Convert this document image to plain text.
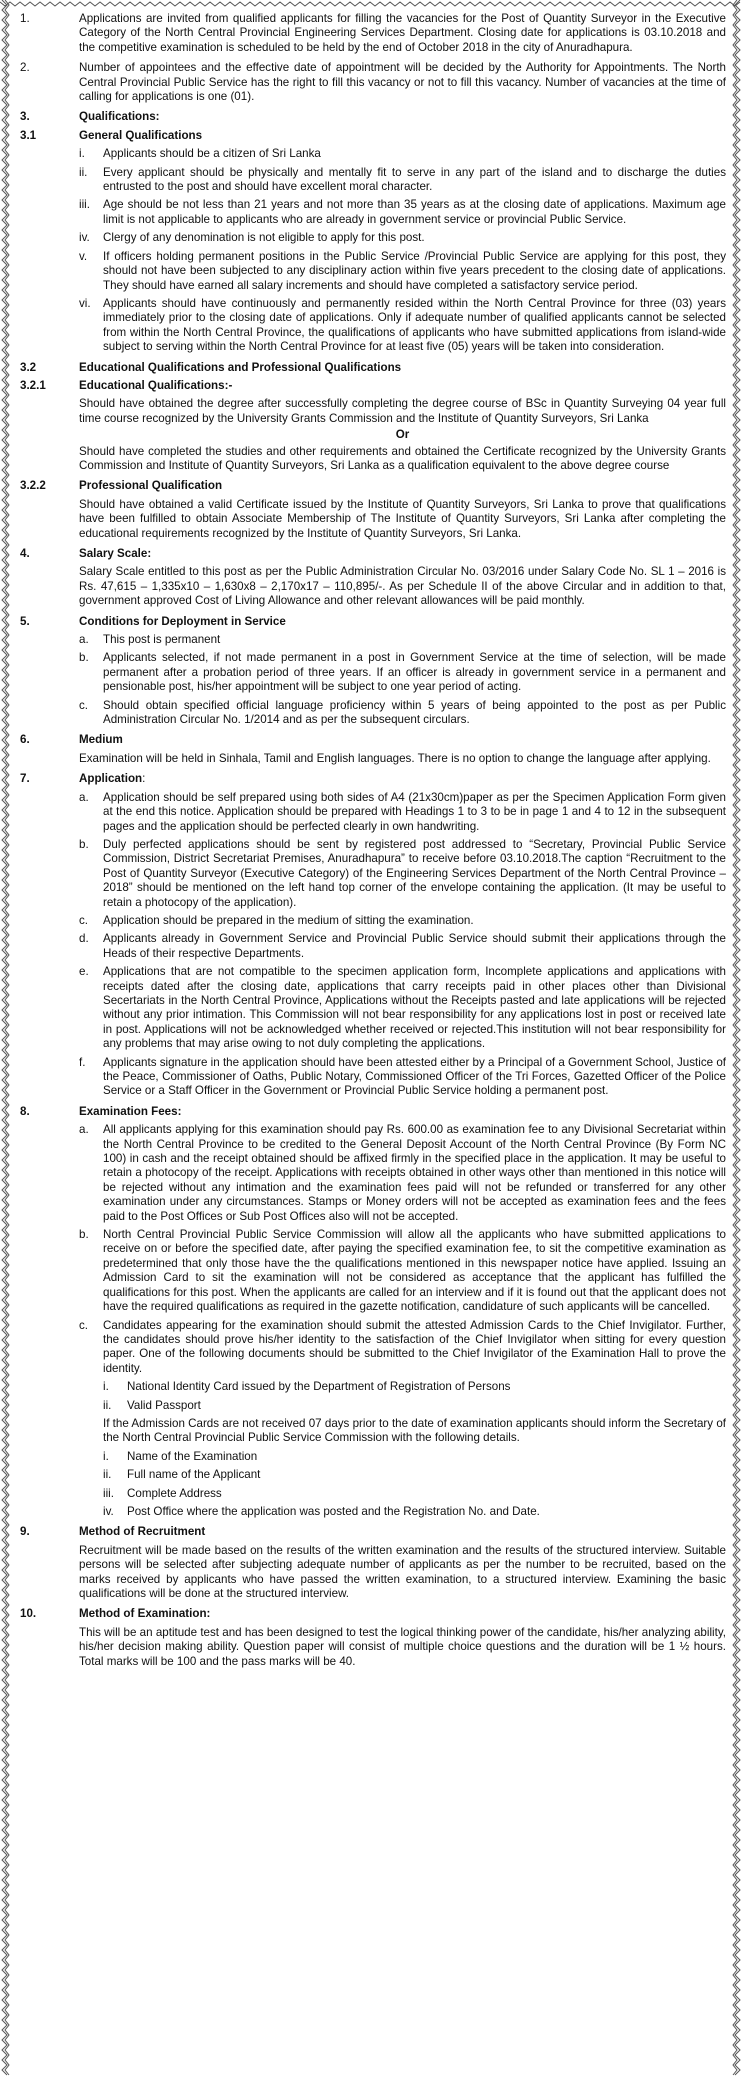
1.	Applications are invited from qualified applicants for filling the vacancies for the Post of Quantity Surveyor in the Executive Category of the North Central Provincial Engineering Services Department. Closing date for applications is 03.10.2018 and the competitive examination is scheduled to be held by the end of October 2018 in the city of Anuradhapura.
2.	Number of appointees and the effective date of appointment will be decided by the Authority for Appointments. The North Central Provincial Public Service has the right to fill this vacancy or not to fill this vacancy. Number of vacancies at the time of calling for applications is one (01).
3.	Qualifications:
3.1	General Qualifications
i.	Applicants should be a citizen of Sri Lanka
ii.	Every applicant should be physically and mentally fit to serve in any part of the island and to discharge the duties entrusted to the post and should have excellent moral character.
iii.	Age should be not less than 21 years and not more than 35 years as at the closing date of applications. Maximum age limit is not applicable to applicants who are already in government service or provincial Public Service.
iv.	Clergy of any denomination is not eligible to apply for this post.
v.	If officers holding permanent positions in the Public Service /Provincial Public Service are applying for this post, they should not have been subjected to any disciplinary action within five years precedent to the closing date of applications. They should have earned all salary increments and should have completed a satisfactory service period.
vi.	Applicants should have continuously and permanently resided within the North Central Province for three (03) years immediately prior to the closing date of applications. Only if adequate number of qualified applicants cannot be selected from within the North Central Province, the qualifications of applicants who have submitted applications from island-wide subject to serving within the North Central Province for at least five (05) years will be taken into consideration.
3.2	Educational Qualifications and Professional Qualifications
3.2.1	Educational Qualifications:-
Should have obtained the degree after successfully completing the degree course of BSc in Quantity Surveying 04 year full time course recognized by the University Grants Commission and the Institute of Quantity Surveyors, Sri Lanka
Or
Should have completed the studies and other requirements and obtained the Certificate recognized by the University Grants Commission and Institute of Quantity Surveyors, Sri Lanka as a qualification equivalent to the above degree course
3.2.2	Professional Qualification
Should have obtained a valid Certificate issued by the Institute of Quantity Surveyors, Sri Lanka to prove that qualifications have been fulfilled to obtain Associate Membership of The Institute of Quantity Surveyors, Sri Lanka after completing the educational requirements recognized by the Institute of Quantity Surveyors, Sri Lanka.
4.	Salary Scale:
Salary Scale entitled to this post as per the Public Administration Circular No. 03/2016 under Salary Code No. SL 1 – 2016 is Rs. 47,615 – 1,335x10 – 1,630x8 – 2,170x17 – 110,895/-. As per Schedule II of the above Circular and in addition to that, government approved Cost of Living Allowance and other relevant allowances will be paid monthly.
5.	Conditions for Deployment in Service
a.	This post is permanent
b.	Applicants selected, if not made permanent in a post in Government Service at the time of selection, will be made permanent after a probation period of three years. If an officer is already in government service in a permanent and pensionable post, his/her appointment will be subject to one year period of acting.
c.	Should obtain specified official language proficiency within 5 years of being appointed to the post as per Public Administration Circular No. 1/2014 and as per the subsequent circulars.
6.	Medium
Examination will be held in Sinhala, Tamil and English languages. There is no option to change the language after applying.
7.	Application:
a.	Application should be self prepared using both sides of A4 (21x30cm)paper as per the Specimen Application Form given at the end this notice. Application should be prepared with Headings 1 to 3 to be in page 1 and 4 to 12 in the subsequent pages and the application should be perfected clearly in own handwriting.
b.	Duly perfected applications should be sent by registered post addressed to “Secretary, Provincial Public Service Commission, District Secretariat Premises, Anuradhapura” to receive before 03.10.2018.The caption “Recruitment to the Post of Quantity Surveyor (Executive Category) of the Engineering Services Department of the North Central Province – 2018” should be mentioned on the left hand top corner of the envelope containing the application. (It may be useful to retain a photocopy of the application).
c.	Application should be prepared in the medium of sitting the examination.
d.	Applicants already in Government Service and Provincial Public Service should submit their applications through the Heads of their respective Departments.
e.	Applications that are not compatible to the specimen application form, Incomplete applications and applications with receipts dated after the closing date, applications that carry receipts paid in other places other than Divisional Secertariats in the North Central Province, Applications without the Receipts pasted and late applications will be rejected without any prior intimation. This Commission will not bear responsibility for any applications lost in post or received late in post. Applications will not be acknowledged whether received or rejected.This institution will not bear responsibility for any problems that may arise owing to not duly completing the applications.
f.	Applicants signature in the application should have been attested either by a Principal of a Government School, Justice of the Peace, Commissioner of Oaths, Public Notary, Commissioned Officer of the Tri Forces, Gazetted Officer of the Police Service or a Staff Officer in the Government or Provincial Public Service holding a permanent post.
8.	Examination Fees:
a.	All applicants applying for this examination should pay Rs. 600.00 as examination fee to any Divisional Secretariat within the North Central Province to be credited to the General Deposit Account of the North Central Province (By Form NC 100) in cash and the receipt obtained should be affixed firmly in the specified place in the application. It may be useful to retain a photocopy of the receipt. Applications with receipts obtained in other ways other than mentioned in this notice will be rejected without any intimation and the examination fees paid will not be refunded or transferred for any other examination under any circumstances. Stamps or Money orders will not be accepted as examination fees and the fees paid to the Post Offices or Sub Post Offices also will not be accepted.
b.	North Central Provincial Public Service Commission will allow all the applicants who have submitted applications to receive on or before the specified date, after paying the specified examination fee, to sit the competitive examination as predetermined that only those have the the qualifications mentioned in this newspaper notice have applied. Issuing an Admission Card to sit the examination will not be considered as acceptance that the applicant has fulfilled the qualifications for this post. When the applicants are called for an interview and if it is found out that the applicant does not have the required qualifications as required in the gazette notification, candidature of such applicants will be cancelled.
c.	Candidates appearing for the examination should submit the attested Admission Cards to the Chief Invigilator. Further, the candidates should prove his/her identity to the satisfaction of the Chief Invigilator when sitting for every question paper. One of the following documents should be submitted to the Chief Invigilator of the Examination Hall to prove the identity.
i.	National Identity Card issued by the Department of Registration of Persons
ii.	Valid Passport
If the Admission Cards are not received 07 days prior to the date of examination applicants should inform the Secretary of the North Central Provincial Public Service Commission with the following details.
i.	Name of the Examination
ii.	Full name of the Applicant
iii.	Complete Address
iv.	Post Office where the application was posted and the Registration No. and Date.
9.	Method of Recruitment
Recruitment will be made based on the results of the written examination and the results of the structured interview. Suitable persons will be selected after subjecting adequate number of applicants as per the number to be recruited, based on the marks received by applicants who have passed the written examination, to a structured interview. Examining the basic qualifications will be done at the structured interview.
10.	Method of Examination:
This will be an aptitude test and has been designed to test the logical thinking power of the candidate, his/her analyzing ability, his/her decision making ability. Question paper will consist of multiple choice questions and the duration will be 1 ½ hours. Total marks will be 100 and the pass marks will be 40.
